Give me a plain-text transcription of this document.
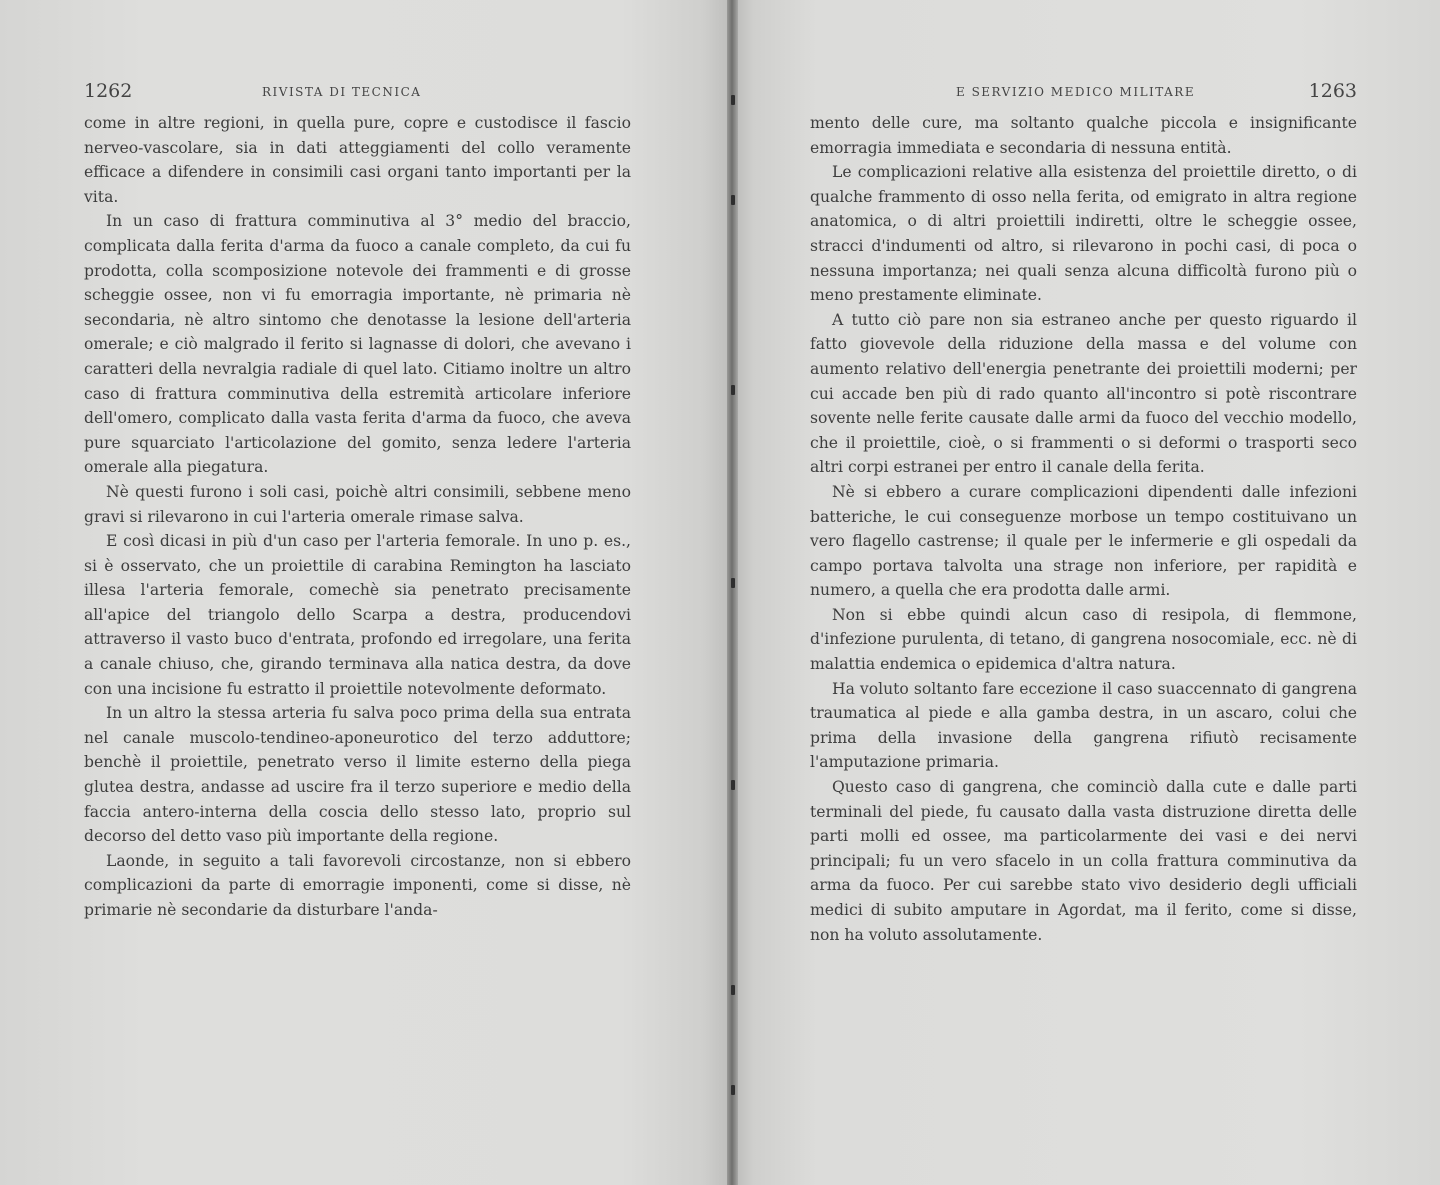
1262	RIVISTA DI TECNICA

come in altre regioni, in quella pure, copre e custodisce il fascio nerveo-vascolare, sia in dati atteggiamenti del collo veramente efficace a difendere in consimili casi organi tanto importanti per la vita.

In un caso di frattura comminutiva al 3° medio del braccio, complicata dalla ferita d'arma da fuoco a canale completo, da cui fu prodotta, colla scomposizione notevole dei frammenti e di grosse scheggie ossee, non vi fu emorragia importante, nè primaria nè secondaria, nè altro sintomo che denotasse la lesione dell'arteria omerale; e ciò malgrado il ferito si lagnasse di dolori, che avevano i caratteri della nevralgia radiale di quel lato. Citiamo inoltre un altro caso di frattura comminutiva della estremità articolare inferiore dell'omero, complicato dalla vasta ferita d'arma da fuoco, che aveva pure squarciato l'articolazione del gomito, senza ledere l'arteria omerale alla piegatura.

Nè questi furono i soli casi, poichè altri consimili, sebbene meno gravi si rilevarono in cui l'arteria omerale rimase salva.

E così dicasi in più d'un caso per l'arteria femorale. In uno p. es., si è osservato, che un proiettile di carabina Remington ha lasciato illesa l'arteria femorale, comechè sia penetrato precisamente all'apice del triangolo dello Scarpa a destra, producendovi attraverso il vasto buco d'entrata, profondo ed irregolare, una ferita a canale chiuso, che, girando terminava alla natica destra, da dove con una incisione fu estratto il proiettile notevolmente deformato.

In un altro la stessa arteria fu salva poco prima della sua entrata nel canale muscolo-tendineo-aponeurotico del terzo adduttore; benchè il proiettile, penetrato verso il limite esterno della piega glutea destra, andasse ad uscire fra il terzo superiore e medio della faccia antero-interna della coscia dello stesso lato, proprio sul decorso del detto vaso più importante della regione.

Laonde, in seguito a tali favorevoli circostanze, non si ebbero complicazioni da parte di emorragie imponenti, come si disse, nè primarie nè secondarie da disturbare l'anda-

E SERVIZIO MEDICO MILITARE	1263

mento delle cure, ma soltanto qualche piccola e insignificante emorragia immediata e secondaria di nessuna entità.

Le complicazioni relative alla esistenza del proiettile diretto, o di qualche frammento di osso nella ferita, od emigrato in altra regione anatomica, o di altri proiettili indiretti, oltre le scheggie ossee, stracci d'indumenti od altro, si rilevarono in pochi casi, di poca o nessuna importanza; nei quali senza alcuna difficoltà furono più o meno prestamente eliminate.

A tutto ciò pare non sia estraneo anche per questo riguardo il fatto giovevole della riduzione della massa e del volume con aumento relativo dell'energia penetrante dei proiettili moderni; per cui accade ben più di rado quanto all'incontro si potè riscontrare sovente nelle ferite causate dalle armi da fuoco del vecchio modello, che il proiettile, cioè, o si frammenti o si deformi o trasporti seco altri corpi estranei per entro il canale della ferita.

Nè si ebbero a curare complicazioni dipendenti dalle infezioni batteriche, le cui conseguenze morbose un tempo costituivano un vero flagello castrense; il quale per le infermerie e gli ospedali da campo portava talvolta una strage non inferiore, per rapidità e numero, a quella che era prodotta dalle armi.

Non si ebbe quindi alcun caso di resipola, di flemmone, d'infezione purulenta, di tetano, di gangrena nosocomiale, ecc. nè di malattia endemica o epidemica d'altra natura.

Ha voluto soltanto fare eccezione il caso suaccennato di gangrena traumatica al piede e alla gamba destra, in un ascaro, colui che prima della invasione della gangrena rifiutò recisamente l'amputazione primaria.

Questo caso di gangrena, che cominciò dalla cute e dalle parti terminali del piede, fu causato dalla vasta distruzione diretta delle parti molli ed ossee, ma particolarmente dei vasi e dei nervi principali; fu un vero sfacelo in un colla frattura comminutiva da arma da fuoco. Per cui sarebbe stato vivo desiderio degli ufficiali medici di subito amputare in Agordat, ma il ferito, come si disse, non ha voluto assolutamente.
